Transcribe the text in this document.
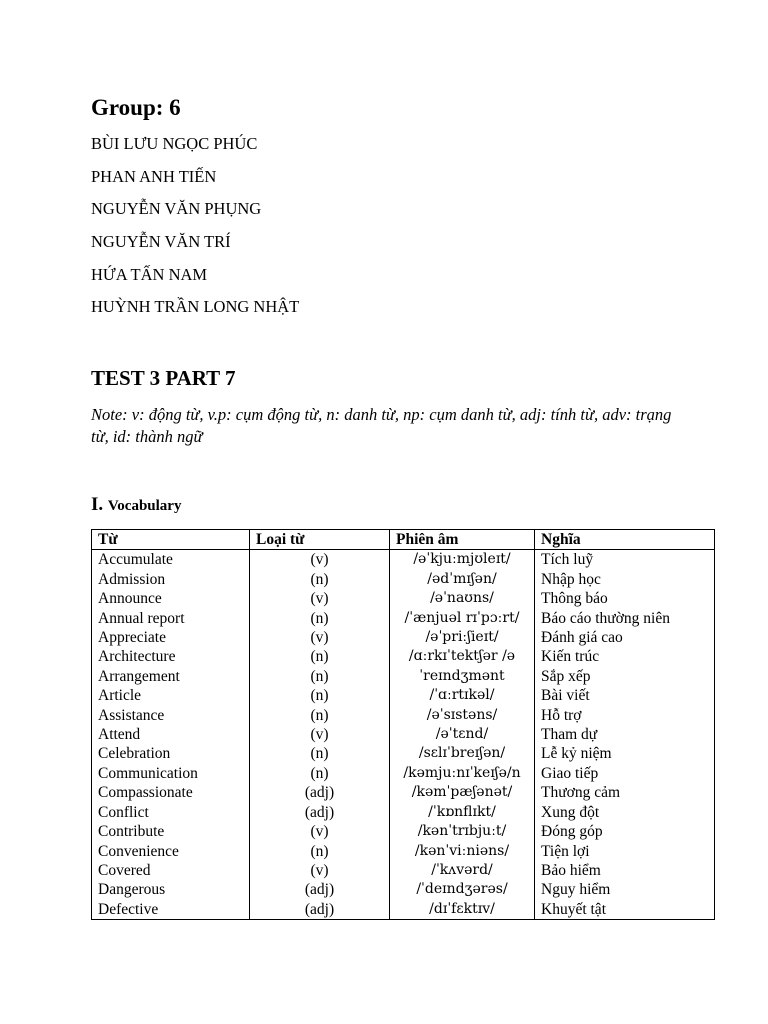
Group: 6
BÙI LƯU NGỌC PHÚC
PHAN ANH TIẾN
NGUYỄN VĂN PHỤNG
NGUYỄN VĂN TRÍ
HỨA TẤN NAM
HUỲNH TRẦN LONG NHẬT
TEST 3 PART 7

Note: v: động từ, v.p: cụm động từ, n: danh từ, np: cụm danh từ, adj: tính từ, adv: trạng từ, id: thành ngữ

I. Vocabulary
Từ	Loại từ	Phiên âm	Nghĩa
Accumulate	(v)	/əˈkjuːmjʊleɪt/	Tích luỹ
Admission	(n)	/ədˈmɪʃən/	Nhập học
Announce	(v)	/əˈnaʊns/	Thông báo
Annual report	(n)	/ˈænjuəl rɪˈpɔːrt/	Báo cáo thường niên
Appreciate	(v)	/əˈpriːʃieɪt/	Đánh giá cao
Architecture	(n)	/ɑːrkɪˈtektʃər /ə	Kiến trúc
Arrangement	(n)	ˈreɪndʒmənt	Sắp xếp
Article	(n)	/ˈɑːrtɪkəl/	Bài viết
Assistance	(n)	/əˈsɪstəns/	Hỗ trợ
Attend	(v)	/əˈtɛnd/	Tham dự
Celebration	(n)	/sɛlɪˈbreɪʃən/	Lễ kỷ niệm
Communication	(n)	/kəmjuːnɪˈkeɪʃə/n	Giao tiếp
Compassionate	(adj)	/kəmˈpæʃənət/	Thương cảm
Conflict	(adj)	/ˈkɒnflɪkt/	Xung đột
Contribute	(v)	/kənˈtrɪbjuːt/	Đóng góp
Convenience	(n)	/kənˈviːniəns/	Tiện lợi
Covered	(v)	/ˈkʌvərd/	Bảo hiểm
Dangerous	(adj)	/ˈdeɪndʒərəs/	Nguy hiểm
Defective	(adj)	/dɪˈfɛktɪv/	Khuyết tật
